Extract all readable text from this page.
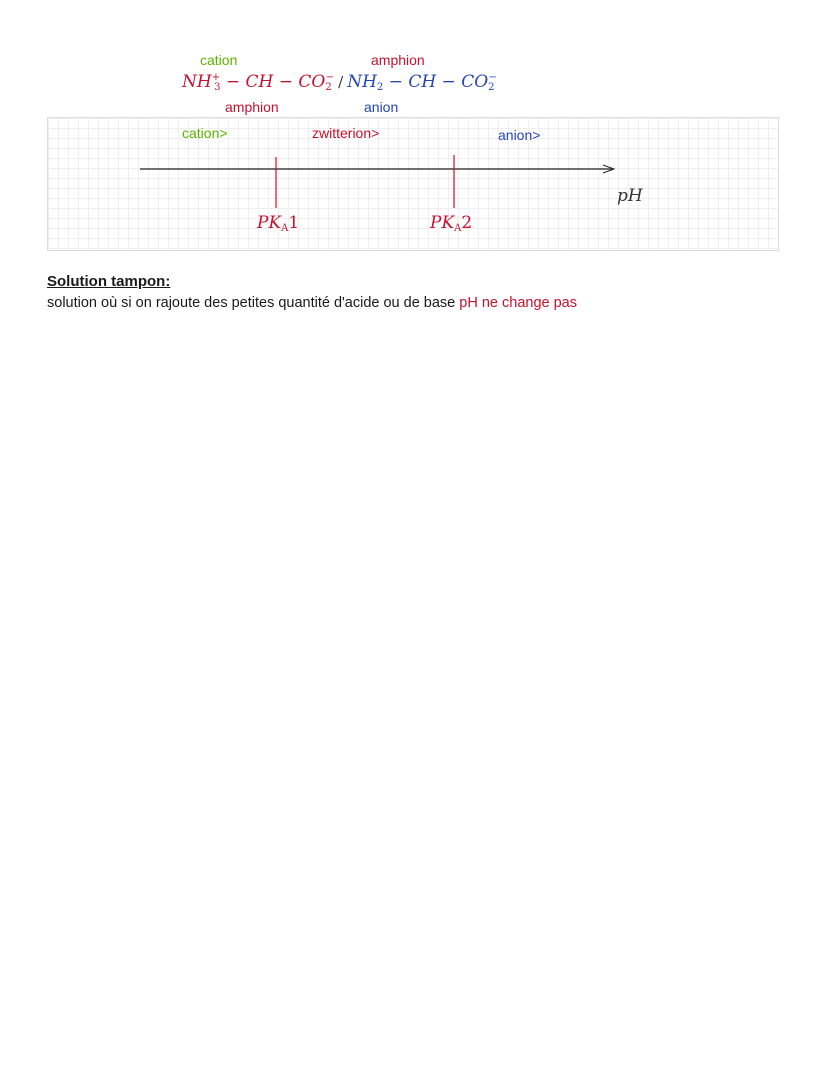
cation	amphion
$NH^+_3$ − CH − $CO_2^- / NH_2$ − CH − $CO_2^-$
amphion	anion
cation>	zwitterion>	anion>
pH
$PK_A1$	$PK_A2$
Solution tampon:
solution où si on rajoute des petites quantité d'acide ou de base pH ne change pas
